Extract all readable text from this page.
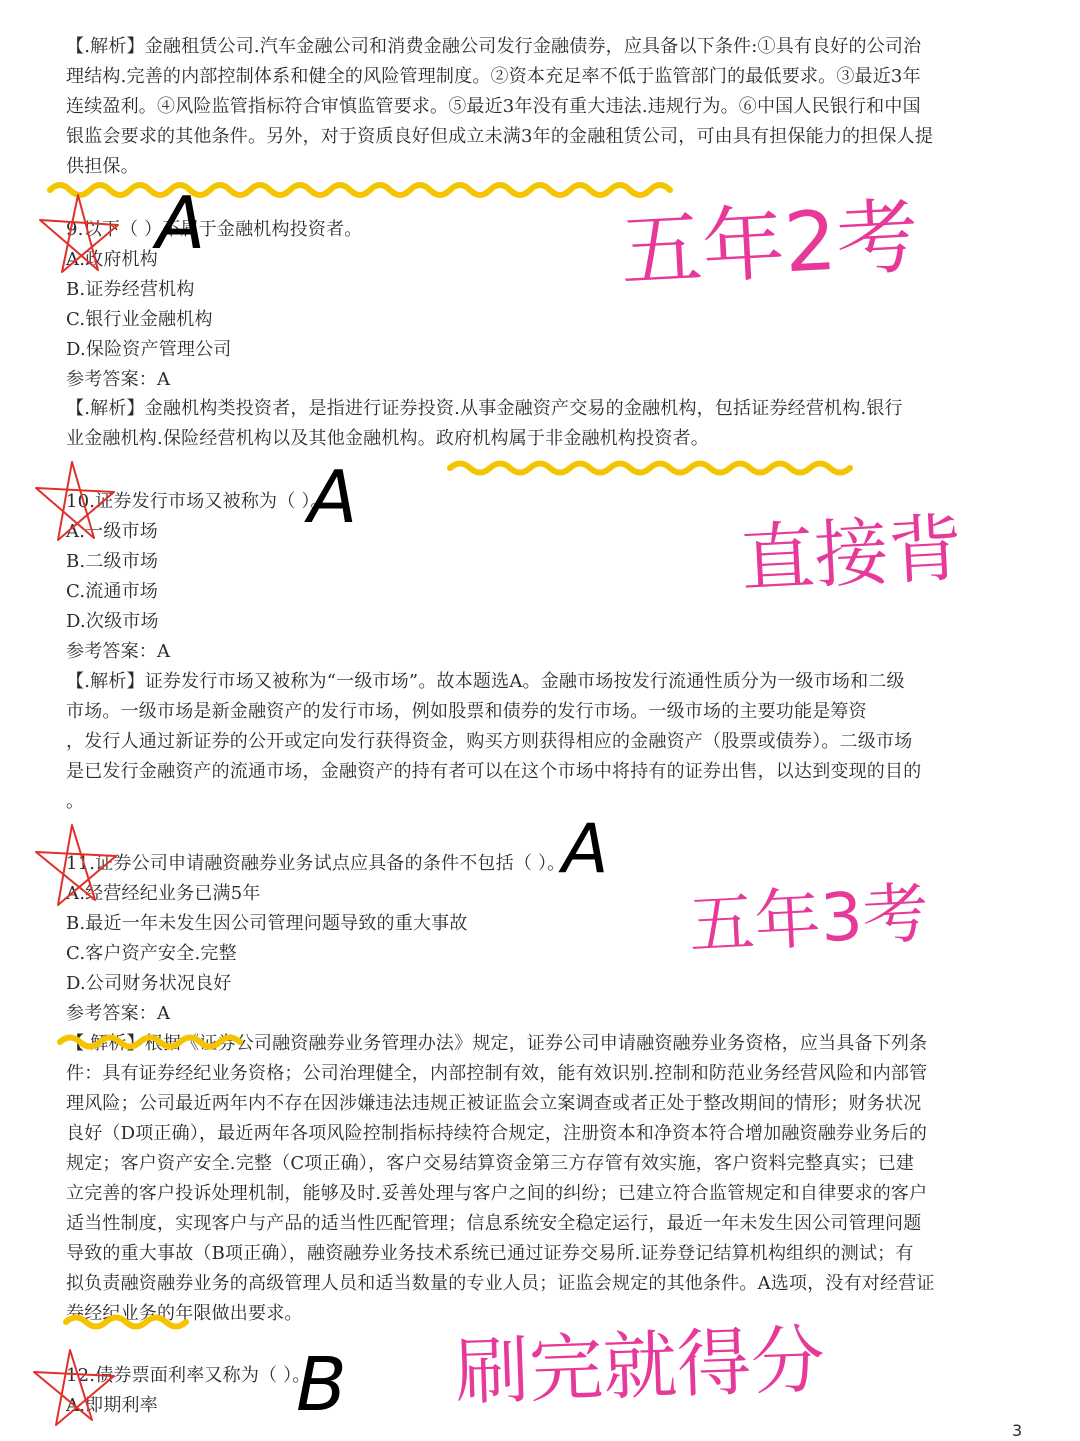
【.解析】金融租赁公司.汽车金融公司和消费金融公司发行金融债券，应具备以下条件:①具有良好的公司治
理结构.完善的内部控制体系和健全的风险管理制度。②资本充足率不低于监管部门的最低要求。③最近3年
连续盈利。④风险监管指标符合审慎监管要求。⑤最近3年没有重大违法.违规行为。⑥中国人民银行和中国
银监会要求的其他条件。另外，对于资质良好但成立未满3年的金融租赁公司，可由具有担保能力的担保人提
供担保。
9.以下（ ）不属于金融机构投资者。
A.政府机构
B.证券经营机构
C.银行业金融机构
D.保险资产管理公司
参考答案：A
【.解析】金融机构类投资者，是指进行证券投资.从事金融资产交易的金融机构，包括证券经营机构.银行
业金融机构.保险经营机构以及其他金融机构。政府机构属于非金融机构投资者。
10.证券发行市场又被称为（ ）。
A.一级市场
B.二级市场
C.流通市场
D.次级市场
参考答案：A
【.解析】证券发行市场又被称为“一级市场”。故本题选A。金融市场按发行流通性质分为一级市场和二级
市场。一级市场是新金融资产的发行市场，例如股票和债券的发行市场。一级市场的主要功能是筹资
，发行人通过新证券的公开或定向发行获得资金，购买方则获得相应的金融资产（股票或债券）。二级市场
是已发行金融资产的流通市场，金融资产的持有者可以在这个市场中将持有的证券出售，以达到变现的目的
。
11.证券公司申请融资融券业务试点应具备的条件不包括（ ）。
A.经营经纪业务已满5年
B.最近一年未发生因公司管理问题导致的重大事故
C.客户资产安全.完整
D.公司财务状况良好
参考答案：A
【.解析】根据《证券公司融资融券业务管理办法》规定，证券公司申请融资融券业务资格，应当具备下列条
件：具有证券经纪业务资格；公司治理健全，内部控制有效，能有效识别.控制和防范业务经营风险和内部管
理风险；公司最近两年内不存在因涉嫌违法违规正被证监会立案调查或者正处于整改期间的情形；财务状况
良好（D项正确），最近两年各项风险控制指标持续符合规定，注册资本和净资本符合增加融资融券业务后的
规定；客户资产安全.完整（C项正确），客户交易结算资金第三方存管有效实施，客户资料完整真实；已建
立完善的客户投诉处理机制，能够及时.妥善处理与客户之间的纠纷；已建立符合监管规定和自律要求的客户
适当性制度，实现客户与产品的适当性匹配管理；信息系统安全稳定运行，最近一年未发生因公司管理问题
导致的重大事故（B项正确），融资融券业务技术系统已通过证券交易所.证券登记结算机构组织的测试；有
拟负责融资融券业务的高级管理人员和适当数量的专业人员；证监会规定的其他条件。A选项，没有对经营证
券经纪业务的年限做出要求。
12.债券票面利率又称为（ ）。
A.即期利率
3
A
A
A
B
五年2考
直接背
五年3考
刷完就得分
